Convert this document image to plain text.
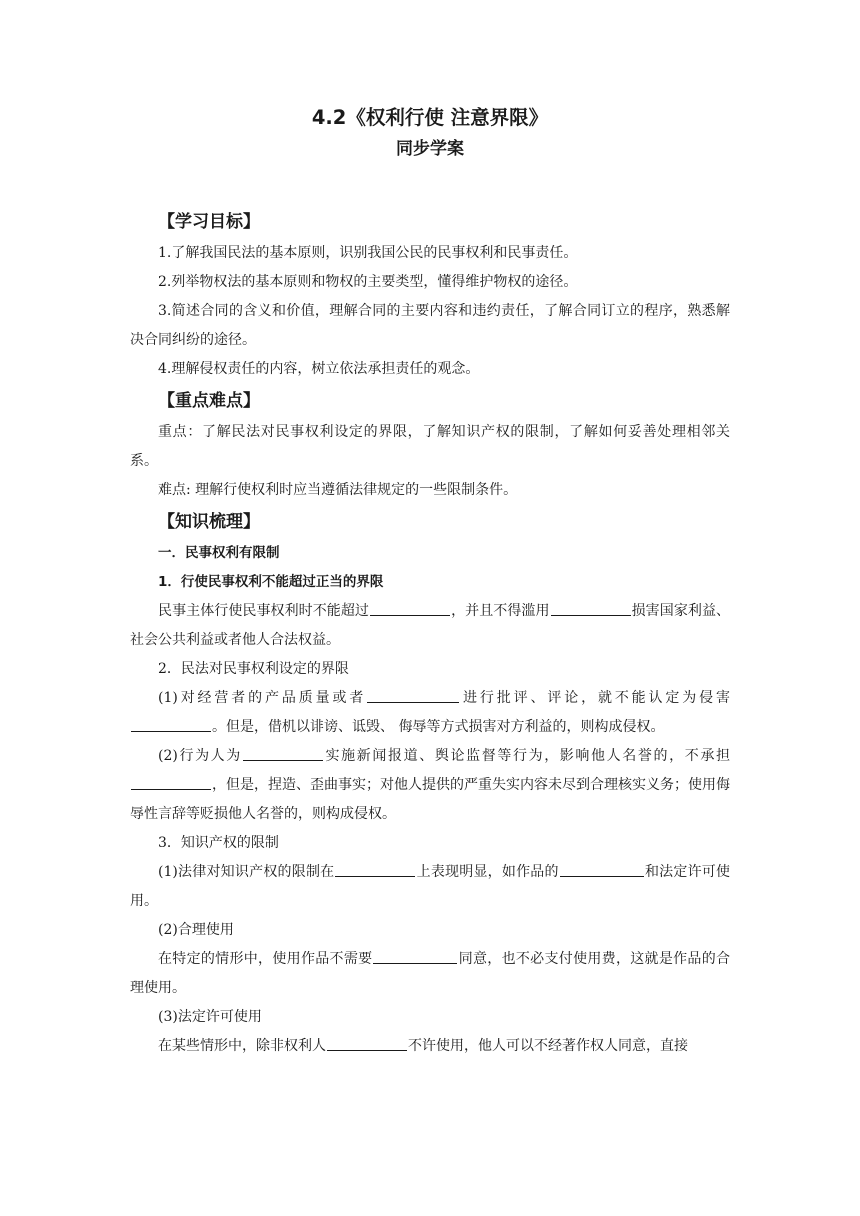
4.2《权利行使 注意界限》
同步学案
【学习目标】

1.了解我国民法的基本原则，识别我国公民的民事权利和民事责任。

2.列举物权法的基本原则和物权的主要类型，懂得维护物权的途径。

3.简述合同的含义和价值，理解合同的主要内容和违约责任，了解合同订立的程序，熟悉解决合同纠纷的途径。

4.理解侵权责任的内容，树立依法承担责任的观念。

【重点难点】

重点：了解民法对民事权利设定的界限，了解知识产权的限制，了解如何妥善处理相邻关系。

难点: 理解行使权利时应当遵循法律规定的一些限制条件。

【知识梳理】

一．民事权利有限制

1．行使民事权利不能超过正当的界限

民事主体行使民事权利时不能超过	，并且不得滥用	损害国家利益、社会公共利益或者他人合法权益。

2．民法对民事权利设定的界限

(1)对经营者的产品质量或者	进行批评、评论，就不能认定为侵害。但是，借机以诽谤、诋毁、 侮辱等方式损害对方利益的，则构成侵权。

(2)行为人为	实施新闻报道、舆论监督等行为，影响他人名誉的，不承担，但是，捏造、歪曲事实；对他人提供的严重失实内容未尽到合理核实义务；使用侮辱性言辞等贬损他人名誉的，则构成侵权。

3．知识产权的限制

(1)法律对知识产权的限制在	上表现明显，如作品的	和法定许可使用。

(2)合理使用

在特定的情形中，使用作品不需要	同意，也不必支付使用费，这就是作品的合理使用。

(3)法定许可使用

在某些情形中，除非权利人	不许使用，他人可以不经著作权人同意，直接
